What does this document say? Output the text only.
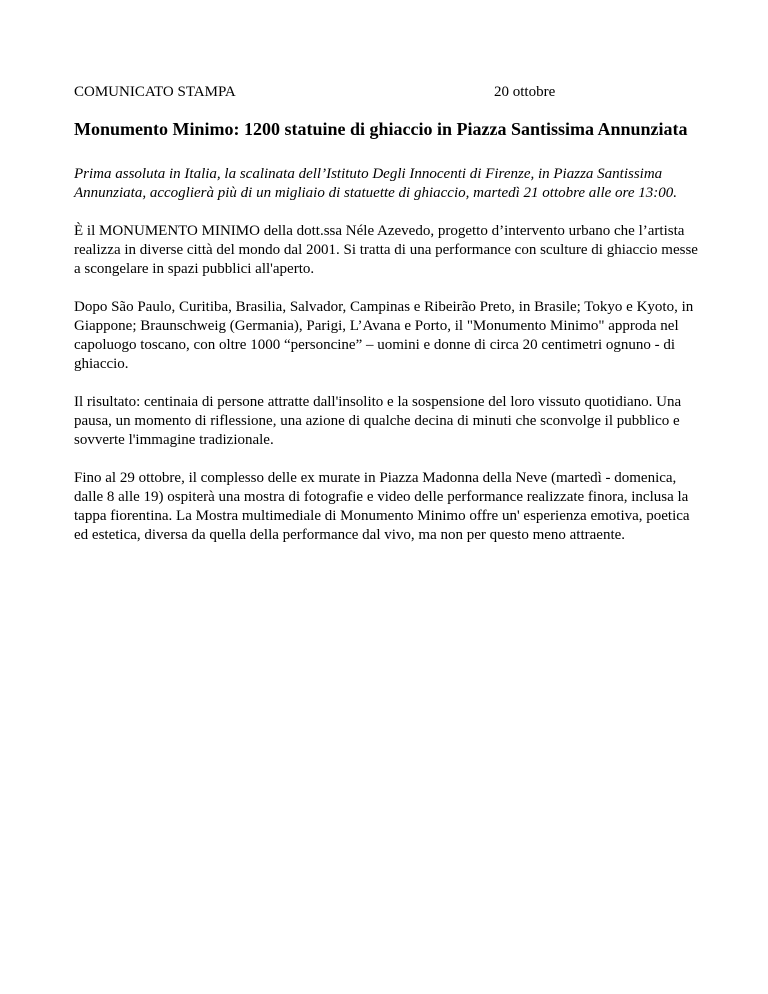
COMUNICATO STAMPA	20 ottobre
Monumento Minimo: 1200 statuine di ghiaccio in Piazza Santissima Annunziata

Prima assoluta in Italia, la scalinata dell’Istituto Degli Innocenti di Firenze, in Piazza Santissima Annunziata, accoglierà più di un migliaio di statuette di ghiaccio, martedì 21 ottobre alle ore 13:00.

È il MONUMENTO MINIMO della dott.ssa Néle Azevedo, progetto d’intervento urbano che l’artista realizza in diverse città del mondo dal 2001. Si tratta di una performance con sculture di ghiaccio messe a scongelare in spazi pubblici all'aperto.

Dopo São Paulo, Curitiba, Brasilia, Salvador, Campinas e Ribeirão Preto, in Brasile; Tokyo e Kyoto, in Giappone; Braunschweig (Germania), Parigi, L’Avana e Porto, il "Monumento Minimo" approda nel capoluogo toscano, con oltre 1000 “personcine” – uomini e donne di circa 20 centimetri ognuno - di ghiaccio.

Il risultato: centinaia di persone attratte dall'insolito e la sospensione del loro vissuto quotidiano. Una pausa, un momento di riflessione, una azione di qualche decina di minuti che sconvolge il pubblico e sovverte l'immagine tradizionale.

Fino al 29 ottobre, il complesso delle ex murate in Piazza Madonna della Neve (martedì - domenica, dalle 8 alle 19) ospiterà una mostra di fotografie e video delle performance realizzate finora, inclusa la tappa fiorentina. La Mostra multimediale di Monumento Minimo offre un' esperienza emotiva, poetica ed estetica, diversa da quella della performance dal vivo, ma non per questo meno attraente.
